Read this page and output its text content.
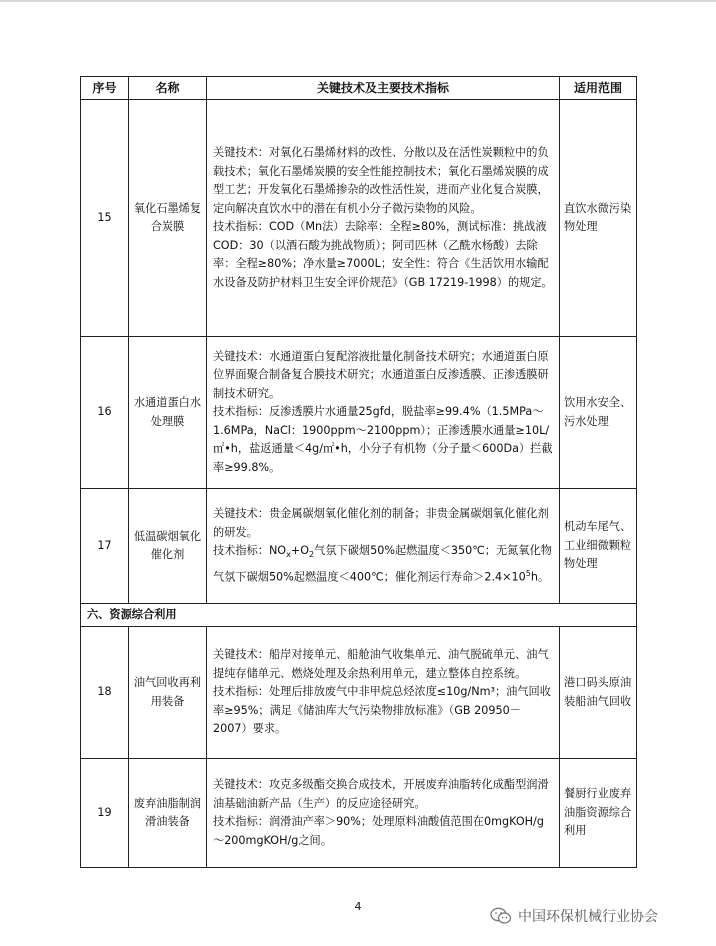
序号	名称	关键技术及主要技术指标	适用范围
15	氧化石墨烯复合炭膜	关键技术：对氧化石墨烯材料的改性、分散以及在活性炭颗粒中的负载技术；氧化石墨烯炭膜的安全性能控制技术；氧化石墨烯炭膜的成型工艺；开发氧化石墨烯掺杂的改性活性炭，进而产业化复合炭膜，定向解决直饮水中的潜在有机小分子微污染物的风险。

技术指标：COD（Mn法）去除率：全程≥80%，测试标准：挑战液COD：30（以酒石酸为挑战物质）；阿司匹林（乙酰水杨酸）去除率：全程≥80%；净水量≥7000L；安全性：符合《生活饮用水输配水设备及防护材料卫生安全评价规范》（GB 17219-1998）的规定。	直饮水微污染物处理
16	水通道蛋白水处理膜	关键技术：水通道蛋白复配溶液批量化制备技术研究；水通道蛋白原位界面聚合制备复合膜技术研究；水通道蛋白反渗透膜、正渗透膜研制技术研究。

技术指标：反渗透膜片水通量25gfd，脱盐率≥99.4%（1.5MPa～1.6MPa，NaCl：1900ppm～2100ppm）；正渗透膜水通量≥10L/㎡•h，盐返通量＜4g/㎡•h，小分子有机物（分子量＜600Da）拦截率≥99.8%。	饮用水安全、污水处理
17	低温碳烟氧化催化剂	关键技术：贵金属碳烟氧化催化剂的制备；非贵金属碳烟氧化催化剂的研发。

技术指标：$NO_x+O_2$气氛下碳烟50%起燃温度＜350℃；无氮氧化物气氛下碳烟50%起燃温度＜400℃；催化剂运行寿命$>2.4\times 10^5h$。	机动车尾气、工业细微颗粒物处理
六、资源综合利用			
18	油气回收再利用装备	关键技术：船岸对接单元、船舱油气收集单元、油气脱硫单元、油气提纯存储单元、燃烧处理及余热利用单元，建立整体自控系统。

技术指标：处理后排放废气中非甲烷总烃浓度≤10g/Nm³；油气回收率≥95%；满足《储油库大气污染物排放标准》（GB 20950－2007）要求。	港口码头原油装船油气回收
19	废弃油脂制润滑油装备	关键技术：攻克多级酯交换合成技术，开展废弃油脂转化成酯型润滑油基础油新产品（生产）的反应途径研究。

技术指标：润滑油产率＞90%；处理原料油酸值范围在0mgKOH/g～200mgKOH/g之间。	餐厨行业废弃油脂资源综合利用
4
中国环保机械行业协会
